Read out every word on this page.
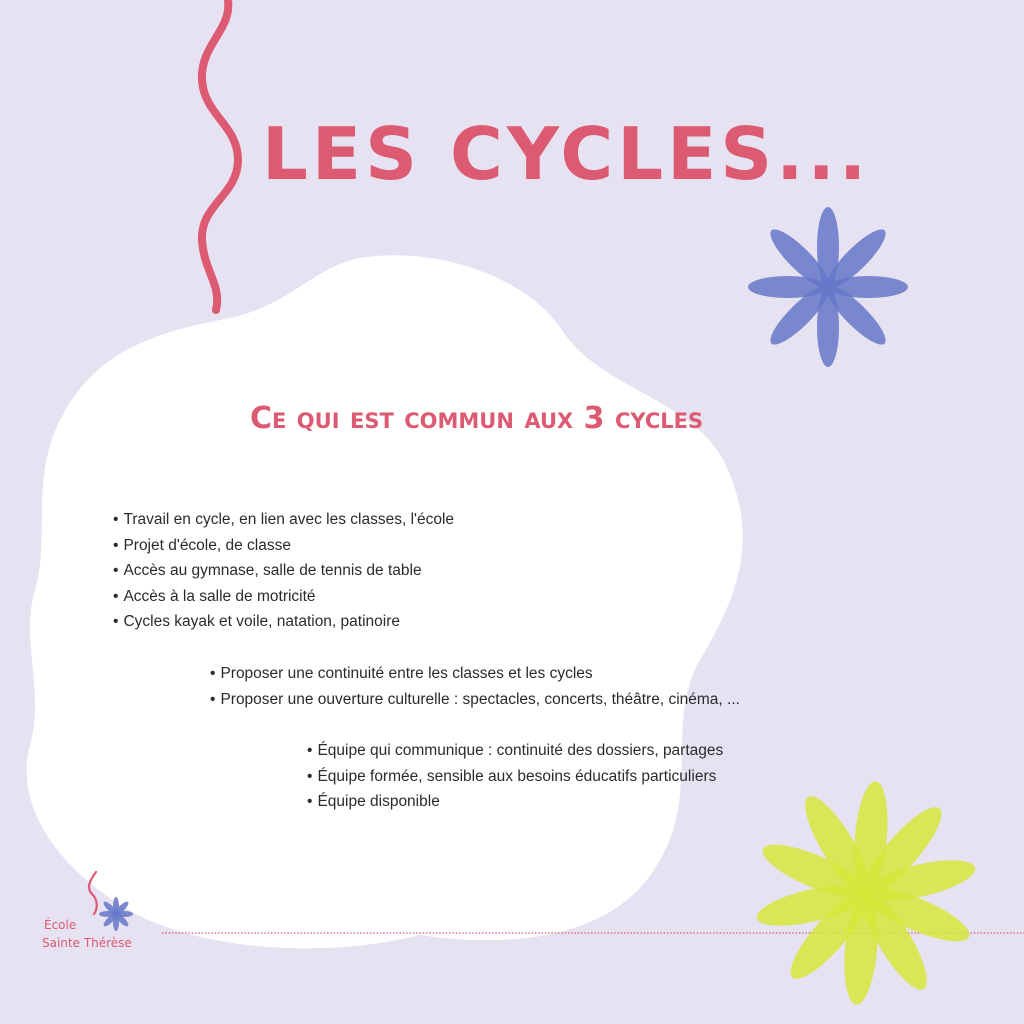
LES CYCLES...
Ce qui est commun aux 3 cycles
• Travail en cycle, en lien avec les classes, l'école
• Projet d'école, de classe
• Accès au gymnase, salle de tennis de table
• Accès à la salle de motricité
• Cycles kayak et voile, natation, patinoire
• Proposer une continuité entre les classes et les cycles
• Proposer une ouverture culturelle : spectacles, concerts, théâtre, cinéma, ...
• Équipe qui communique : continuité des dossiers, partages
• Équipe formée, sensible aux besoins éducatifs particuliers
• Équipe disponible
École
Sainte Thérèse
